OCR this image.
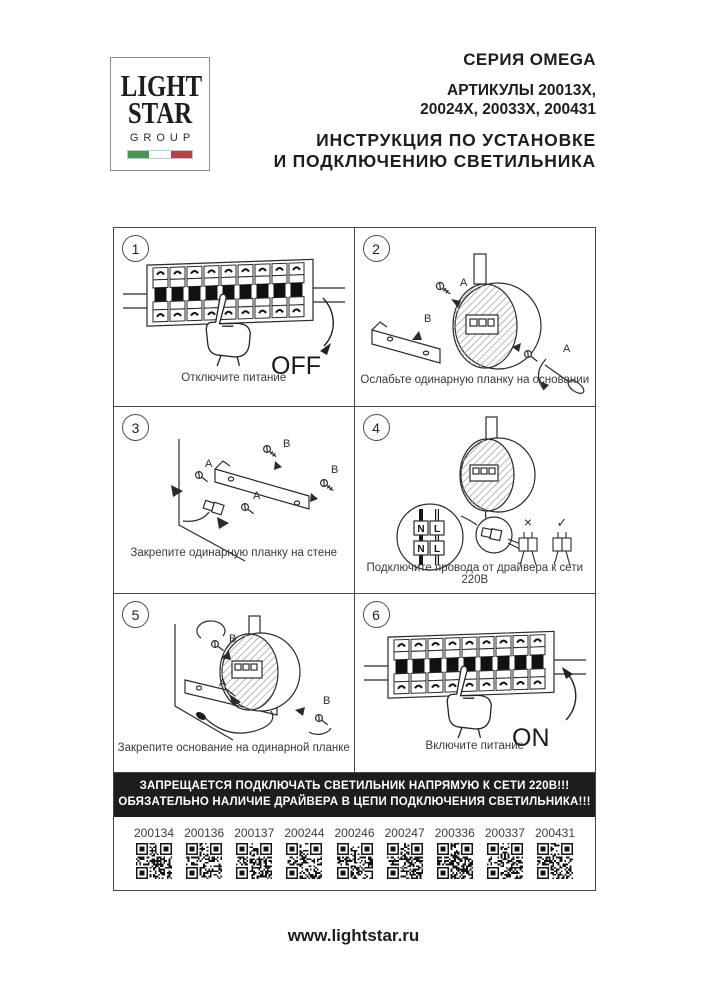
LIGHT
STAR
GROUP
СЕРИЯ OMEGA
АРТИКУЛЫ 20013X,
20024X, 20033X, 200431
ИНСТРУКЦИЯ ПО УСТАНОВКЕ
И ПОДКЛЮЧЕНИЮ СВЕТИЛЬНИКА
1
OFF
Отключите питание
2
A
B
A
Ослабьте одинарную планку на основании
3
A
A
B
B
Закрепите одинарную планку на стене
4
N L
N L
× ✓
Подключите провода от драйвера к сети 220В
5
B
A
B
Закрепите основание на одинарной планке
6
ON
Включите питание
ЗАПРЕЩАЕТСЯ ПОДКЛЮЧАТЬ СВЕТИЛЬНИК НАПРЯМУЮ К СЕТИ 220В!!!
ОБЯЗАТЕЛЬНО НАЛИЧИЕ ДРАЙВЕРА В ЦЕПИ ПОДКЛЮЧЕНИЯ СВЕТИЛЬНИКА!!!
200134 200136 200137 200244 200246 200247 200336 200337 200431
www.lightstar.ru
